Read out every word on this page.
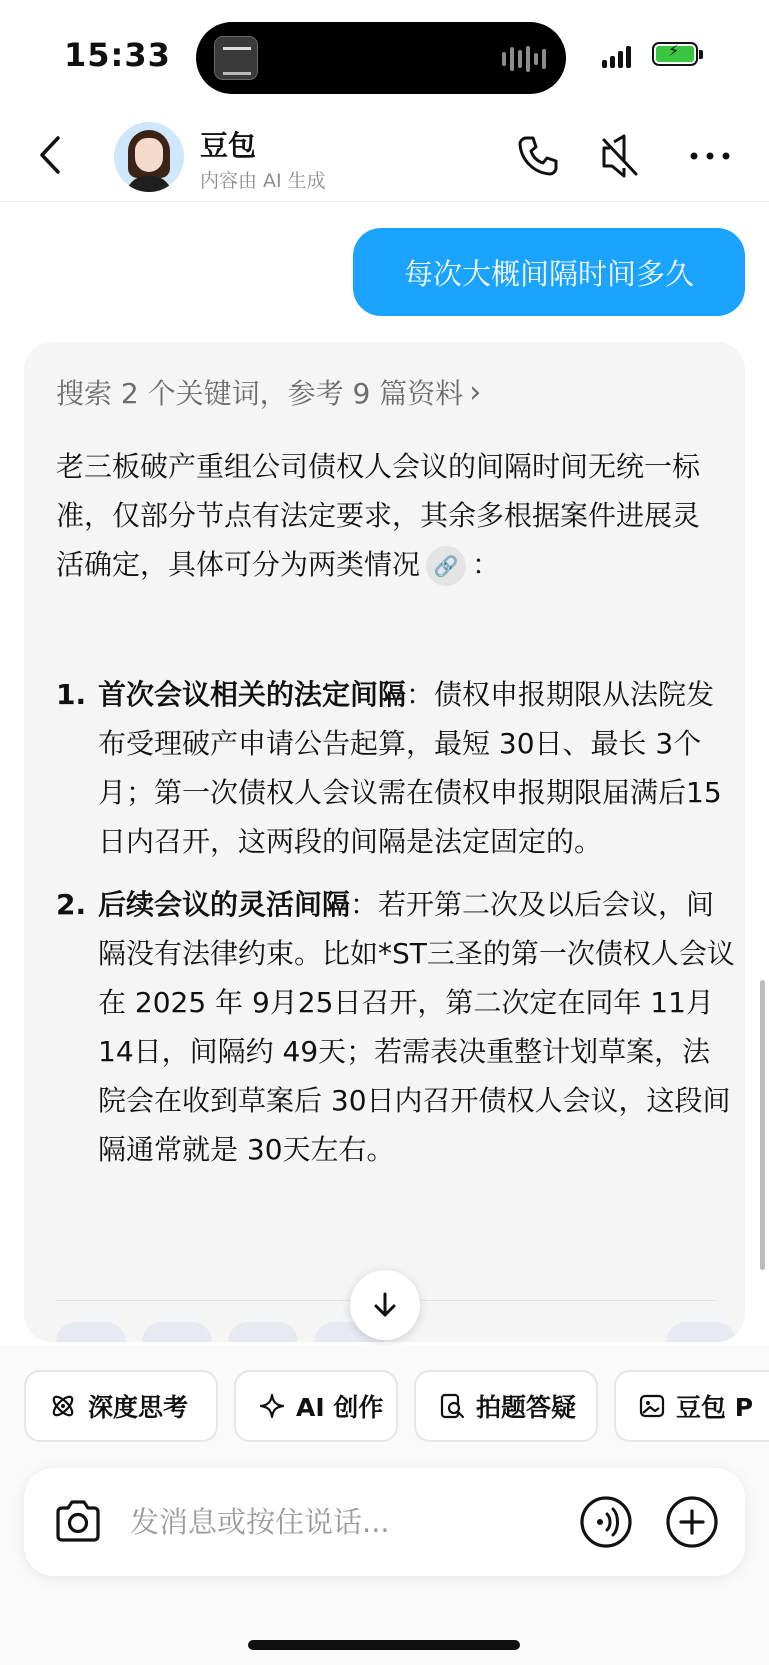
15:33
⚡
豆包
内容由 AI 生成
每次大概间隔时间多久
搜索 2 个关键词，参考 9 篇资料 ›
老三板破产重组公司债权人会议的间隔时间无统一标准，仅部分节点有法定要求，其余多根据案件进展灵活确定，具体可分为两类情况 🔗 ：
1. 首次会议相关的法定间隔：债权申报期限从法院发布受理破产申请公告起算，最短 30日、最长 3个月；第一次债权人会议需在债权申报期限届满后15日内召开，这两段的间隔是法定固定的。
2. 后续会议的灵活间隔：若开第二次及以后会议，间隔没有法律约束。比如*ST三圣的第一次债权人会议在 2025 年 9月25日召开，第二次定在同年 11月14日，间隔约 49天；若需表决重整计划草案，法院会在收到草案后 30日内召开债权人会议，这段间隔通常就是 30天左右。
深度思考	AI 创作	拍题答疑	豆包 P
发消息或按住说话...
